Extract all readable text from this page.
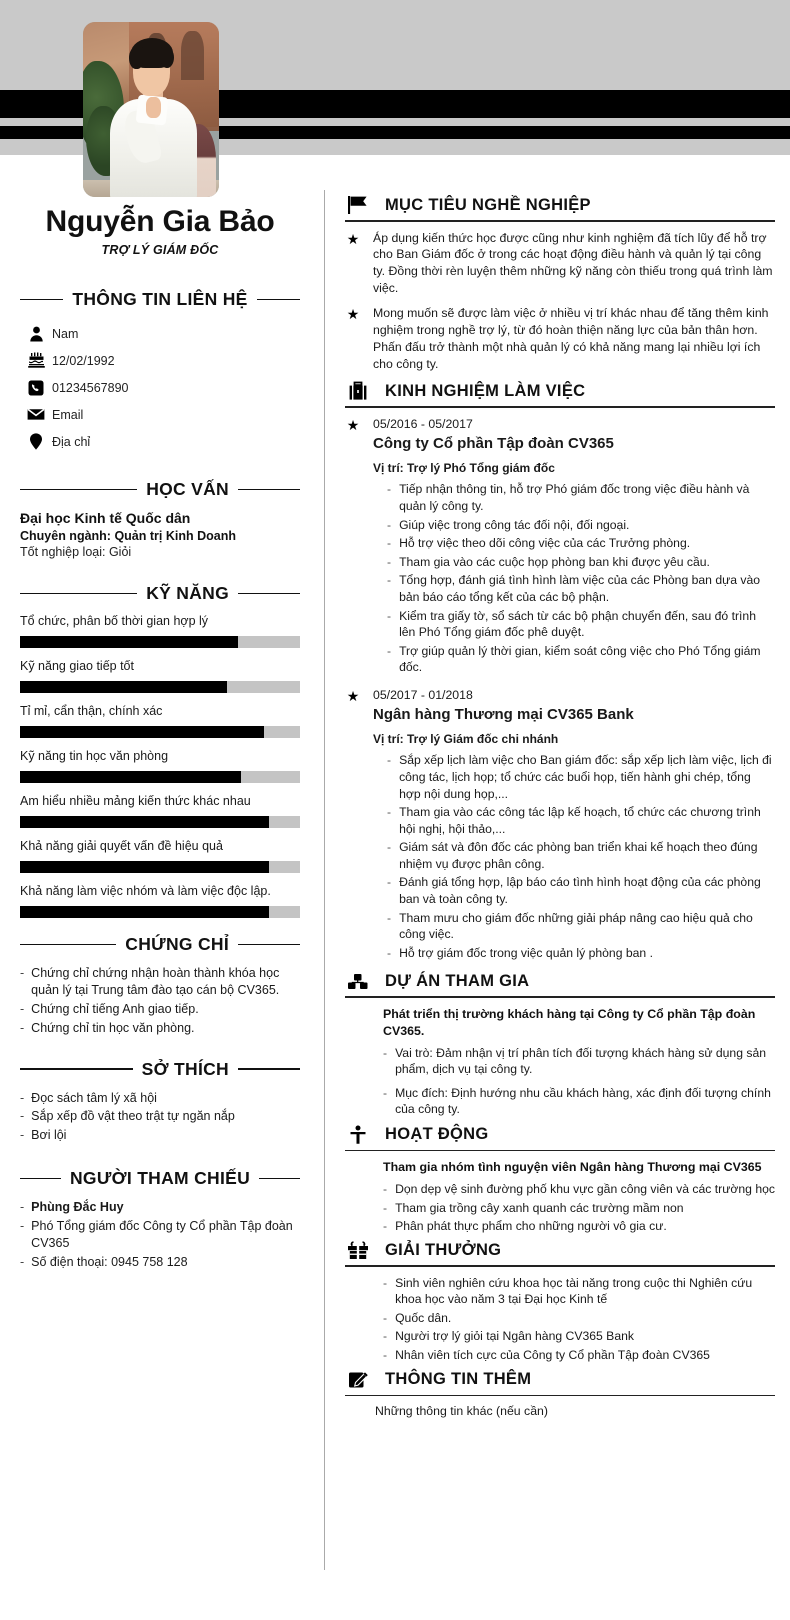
Nguyễn Gia Bảo
TRỢ LÝ GIÁM ĐỐC
THÔNG TIN LIÊN HỆ
Nam
12/02/1992
01234567890
Email
Địa chỉ
HỌC VẤN
Đại học Kinh tế Quốc dân
Chuyên ngành: Quản trị Kinh Doanh
Tốt nghiệp loại: Giỏi
KỸ NĂNG
Tổ chức, phân bố thời gian hợp lý
Kỹ năng giao tiếp tốt
Tỉ mỉ, cẩn thận, chính xác
Kỹ năng tin học văn phòng
Am hiểu nhiều mảng kiến thức khác nhau
Khả năng giải quyết vấn đề hiệu quả
Khả năng làm việc nhóm và làm việc độc lập.
CHỨNG CHỈ
- Chứng chỉ chứng nhận hoàn thành khóa học quản lý tại Trung tâm đào tạo cán bộ CV365.
- Chứng chỉ tiếng Anh giao tiếp.
- Chứng chỉ tin học văn phòng.
SỞ THÍCH
- Đọc sách tâm lý xã hội
- Sắp xếp đồ vật theo trật tự ngăn nắp
- Bơi lội
NGƯỜI THAM CHIẾU
- Phùng Đắc Huy
- Phó Tổng giám đốc Công ty Cổ phần Tập đoàn CV365
- Số điện thoại: 0945 758 128
MỤC TIÊU NGHỀ NGHIỆP
★ Áp dụng kiến thức học được cũng như kinh nghiệm đã tích lũy để hỗ trợ cho Ban Giám đốc ở trong các hoạt động điều hành và quản lý tại công ty. Đồng thời rèn luyện thêm những kỹ năng còn thiếu trong quá trình làm việc.
★ Mong muốn sẽ được làm việc ở nhiều vị trí khác nhau để tăng thêm kinh nghiệm trong nghề trợ lý, từ đó hoàn thiện năng lực của bản thân hơn. Phấn đấu trở thành một nhà quản lý có khả năng mang lại nhiều lợi ích cho công ty.
KINH NGHIỆM LÀM VIỆC
★ 05/2016 - 05/2017
Công ty Cổ phần Tập đoàn CV365
Vị trí: Trợ lý Phó Tổng giám đốc
- Tiếp nhận thông tin, hỗ trợ Phó giám đốc trong việc điều hành và quản lý công ty.
- Giúp việc trong công tác đối nội, đối ngoại.
- Hỗ trợ việc theo dõi công việc của các Trưởng phòng.
- Tham gia vào các cuộc họp phòng ban khi được yêu cầu.
- Tổng hợp, đánh giá tình hình làm việc của các Phòng ban dựa vào bản báo cáo tổng kết của các bộ phận.
- Kiểm tra giấy tờ, sổ sách từ các bộ phận chuyển đến, sau đó trình lên Phó Tổng giám đốc phê duyệt.
- Trợ giúp quản lý thời gian, kiểm soát công việc cho Phó Tổng giám đốc.
★ 05/2017 - 01/2018
Ngân hàng Thương mại CV365 Bank
Vị trí: Trợ lý Giám đốc chi nhánh
- Sắp xếp lịch làm việc cho Ban giám đốc: sắp xếp lịch làm việc, lịch đi công tác, lịch họp; tổ chức các buổi họp, tiến hành ghi chép, tổng hợp nội dung họp,...
- Tham gia vào các công tác lập kế hoạch, tổ chức các chương trình hội nghị, hội thảo,...
- Giám sát và đôn đốc các phòng ban triển khai kế hoạch theo đúng nhiệm vụ được phân công.
- Đánh giá tổng hợp, lập báo cáo tình hình hoạt động của các phòng ban và toàn công ty.
- Tham mưu cho giám đốc những giải pháp nâng cao hiệu quả cho công việc.
- Hỗ trợ giám đốc trong việc quản lý phòng ban .
DỰ ÁN THAM GIA
Phát triển thị trường khách hàng tại Công ty Cổ phần Tập đoàn CV365.
- Vai trò: Đảm nhận vị trí phân tích đối tượng khách hàng sử dụng sản phẩm, dịch vụ tại công ty.
- Mục đích: Định hướng nhu cầu khách hàng, xác định đối tượng chính của công ty.
HOẠT ĐỘNG
Tham gia nhóm tình nguyện viên Ngân hàng Thương mại CV365
- Dọn dẹp vệ sinh đường phố khu vực gần công viên và các trường học
- Tham gia trồng cây xanh quanh các trường mầm non
- Phân phát thực phẩm cho những người vô gia cư.
GIẢI THƯỞNG
- Sinh viên nghiên cứu khoa học tài năng trong cuộc thi Nghiên cứu khoa học vào năm 3 tại Đại học Kinh tế
- Quốc dân.
- Người trợ lý giỏi tại Ngân hàng CV365 Bank
- Nhân viên tích cực của Công ty Cổ phần Tập đoàn CV365
THÔNG TIN THÊM
Những thông tin khác (nếu cần)
